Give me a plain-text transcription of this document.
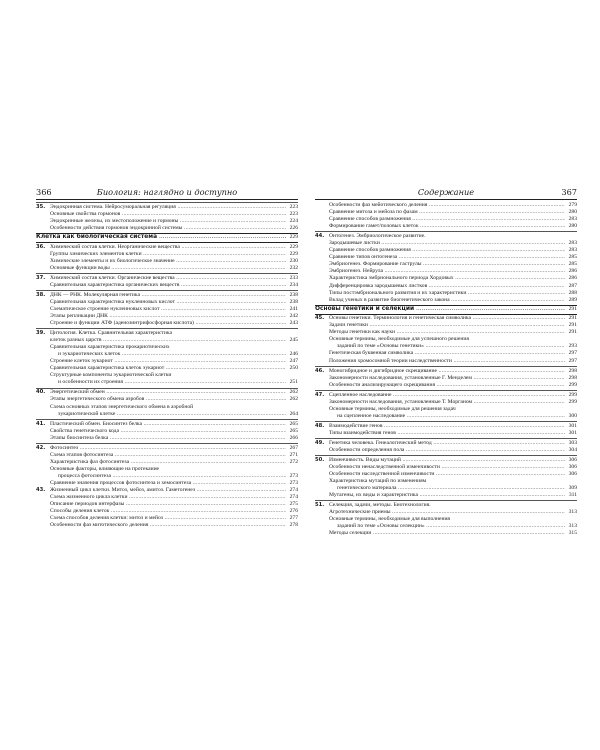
366	Биология: наглядно и доступно
35. Эндокринная система. Нейросуморальная регуляция .....	223
Основные свойства гормонов .....	223
Эндокринные железы, их местоположение и гормоны .....	224
Особенности действия гормонов эндокринной системы .....	226
Клетка как биологическая система .....	229
36. Химический состав клетки. Неорганические вещества .....	229
Группы химических элементов клетки .....	229
Химические элементы и их биологическое значение .....	230
Основные функции воды .....	232
37. Химический состав клетки. Органические вещества .....	233
Сравнительная характеристика органических веществ .....	234
38. ДНК — РНК. Молекулярная генетика .....	238
Сравнительная характеристика нуклеиновых кислот .....	238
Схематическое строение нуклеиновых кислот .....	241
Этапы репликации ДНК .....	242
Строение и функции АТФ (аденозинтрифосфорная кислота) .....	243
39. Цитология. Клетка. Сравнительная характеристика
клеток разных царств .....	245
Сравнительная характеристика прокариотических
и эукариотических клеток .....	246
Строение клеток эукариот .....	247
Сравнительная характеристика клеток эукариот .....	250
Структурные компоненты эукариотической клетки
и особенности их строения .....	251
40. Энергетический обмен .....	262
Этапы энергетического обмена аэробов .....	262
Схема основных этапов энергетического обмена в аэробной
эукариотической клетке .....	264
41. Пластический обмен. Биосинтез белка .....	265
Свойства генетического кода .....	265
Этапы биосинтеза белка .....	266
42. Фотосинтез .....	267
Схема этапов фотосинтеза .....	271
Характеристика фаз фотосинтеза .....	272
Основные факторы, влияющие на протекание
процесса фотосинтеза .....	273
Сравнение значения процессов фотосинтеза и хемосинтеза .....	273
43. Жизненный цикл клетки. Митоз, мейоз, амитоз. Гаметогенез .....	274
Схема жизненного цикла клетки .....	274
Описание периодов интерфазы .....	275
Способы деления клеток .....	276
Схема способов деления клетки: митоз и мейоз .....	277
Особенности фаз митотического деления .....	278
367
Содержание
Особенности фаз мейотического деления .....	279
Сравнение митоза и мейоза по фазам .....	280
Сравнение способов размножения .....	283
Формирование гамет/половых клеток .....	280
44. Онтогенез. Эмбриологическое развитие.
Зародышевые листки .....	283
Сравнение способов размножения .....	283
Сравнение типов онтогенеза .....	285
Эмбриогенез. Формирование гаструлы .....	285
Эмбриогенез. Нейрула .....	286
Характеристика эмбрионального периода Хордовых .....	286
Дифференцировка зародышевых листков .....	287
Типы постэмбрионального развития и их характеристики .....	288
Вклад ученых в развитие биогенетического закона .....	289
Основы генетики и селекции .....	291
45. Основы генетики. Терминология и генетическая символика .....	291
Задачи генетики .....	291
Методы генетики как науки .....	291
Основные термины, необходимые для успешного решения
заданий по теме «Основы генетики» .....	293
Генетическая буквенная символика .....	297
Положения хромосомной теории наследственности .....	297
46. Моногибридное и дигибридное скрещивание .....	298
Закономерности наследования, установленные Г. Менделем .....	298
Особенности анализирующего скрещивания .....	299
47. Сцепленное наследование .....	299
Закономерности наследования, установленные Т. Морганом .....	299
Основные термины, необходимые для решения задач
на сцепленное наследование .....	300
48. Взаимодействие генов .....	301
Типы взаимодействия генов .....	301
49. Генетика человека. Генеалогический метод .....	303
Особенности определения пола .....	304
50. Изменчивость. Виды мутаций .....	306
Особенности ненаследственной изменчивости .....	306
Особенности наследственной изменчивости .....	306
Характеристика мутаций по изменениям
генетического материала .....	309
Мутагены, их виды и характеристика .....	311
51. Селекция, задачи, методы. Биотехнология.
Агротехнические приемы .....	313
Основные термины, необходимые для выполнения
заданий по теме «Основы селекции» .....	313
Методы селекции .....	315
